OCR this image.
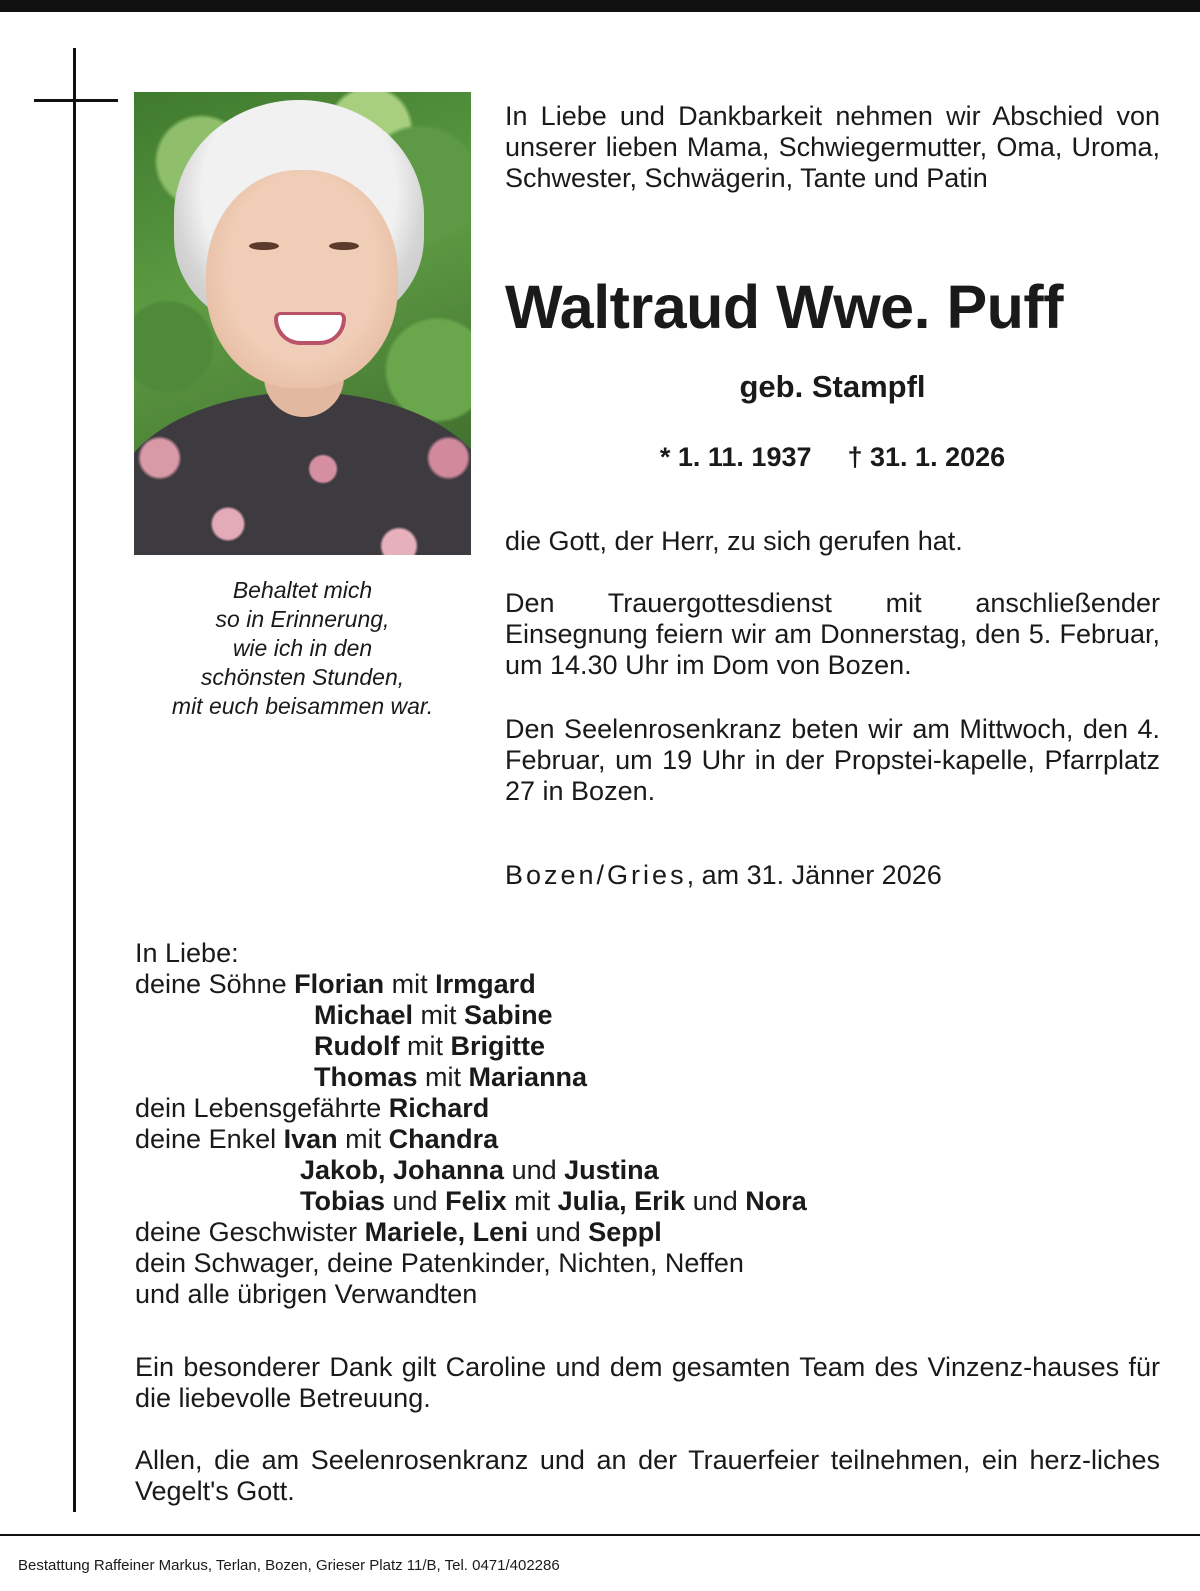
Behaltet mich
so in Erinnerung,
wie ich in den
schönsten Stunden,
mit euch beisammen war.
In Liebe und Dankbarkeit nehmen wir Abschied von unserer lieben Mama, Schwiegermutter, Oma, Uroma, Schwester, Schwägerin, Tante und Patin
Waltraud Wwe. Puff
geb. Stampfl
* 1. 11. 1937 † 31. 1. 2026
die Gott, der Herr, zu sich gerufen hat.
Den Trauergottesdienst mit anschließender Einsegnung feiern wir am Donnerstag, den 5. Februar, um 14.30 Uhr im Dom von Bozen.
Den Seelenrosenkranz beten wir am Mittwoch, den 4. Februar, um 19 Uhr in der Propstei-kapelle, Pfarrplatz 27 in Bozen.
Bozen/Gries, am 31. Jänner 2026
In Liebe:
deine Söhne Florian mit Irmgard
Michael mit Sabine
Rudolf mit Brigitte
Thomas mit Marianna
dein Lebensgefährte Richard
deine Enkel Ivan mit Chandra
Jakob, Johanna und Justina
Tobias und Felix mit Julia, Erik und Nora
deine Geschwister Mariele, Leni und Seppl
dein Schwager, deine Patenkinder, Nichten, Neffen
und alle übrigen Verwandten
Ein besonderer Dank gilt Caroline und dem gesamten Team des Vinzenz-hauses für die liebevolle Betreuung.
Allen, die am Seelenrosenkranz und an der Trauerfeier teilnehmen, ein herz-liches Vegelt's Gott.
Bestattung Raffeiner Markus, Terlan, Bozen, Grieser Platz 11/B, Tel. 0471/402286
